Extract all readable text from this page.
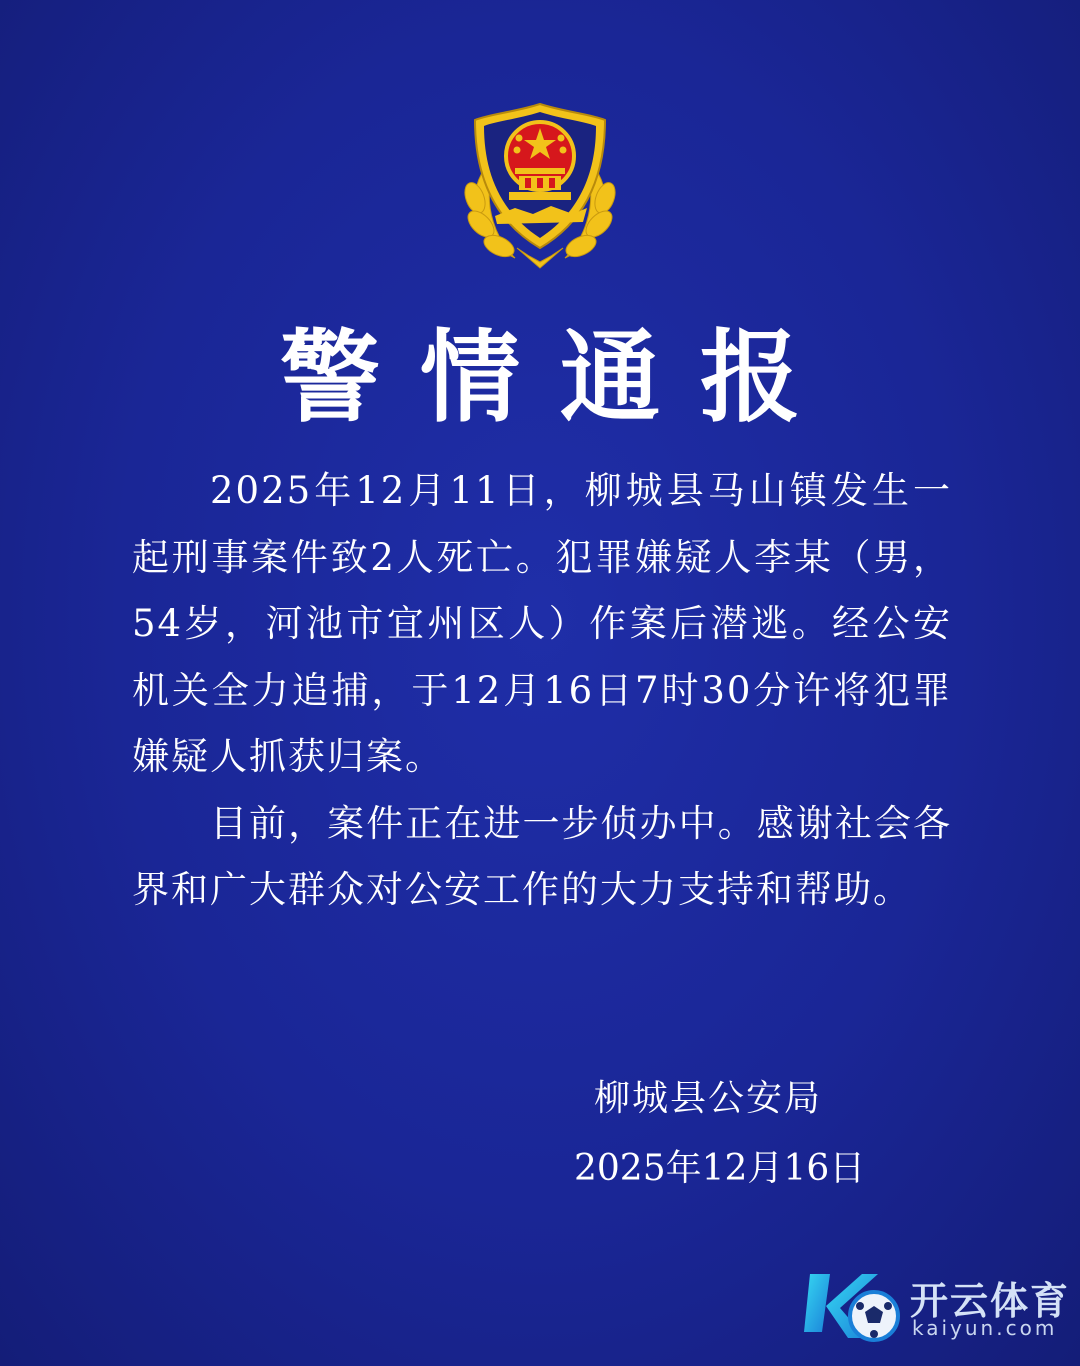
警情通报

2025年12月11日，柳城县马山镇发生一起刑事案件致2人死亡。犯罪嫌疑人李某（男，54岁，河池市宜州区人）作案后潜逃。经公安机关全力追捕，于12月16日7时30分许将犯罪嫌疑人抓获归案。

目前，案件正在进一步侦办中。感谢社会各界和广大群众对公安工作的大力支持和帮助。

柳城县公安局
2025年12月16日
开云体育
kaiyun.com
